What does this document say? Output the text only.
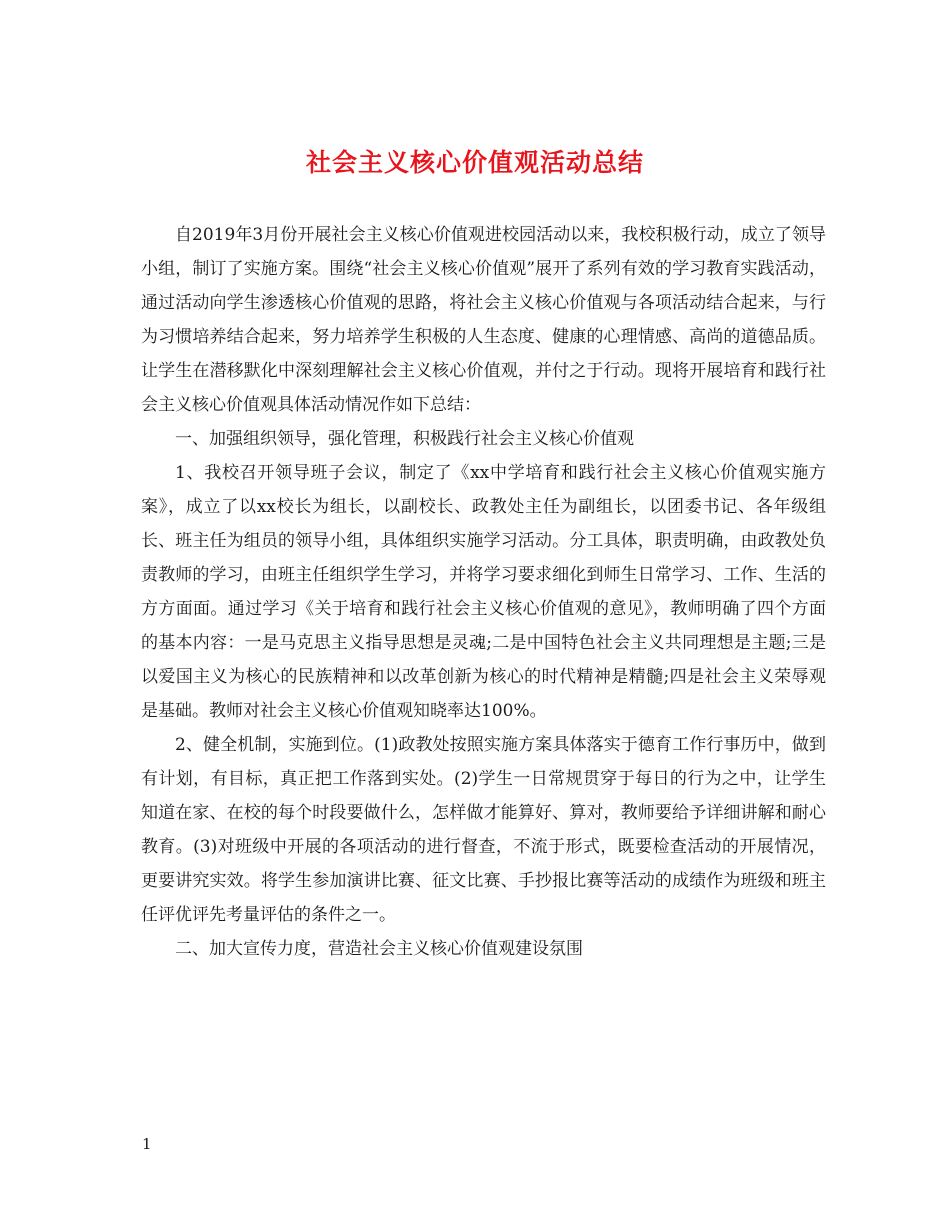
社会主义核心价值观活动总结

自2019年3月份开展社会主义核心价值观进校园活动以来，我校积极行动，成立了领导小组，制订了实施方案。围绕“社会主义核心价值观”展开了系列有效的学习教育实践活动，通过活动向学生渗透核心价值观的思路，将社会主义核心价值观与各项活动结合起来，与行为习惯培养结合起来，努力培养学生积极的人生态度、健康的心理情感、高尚的道德品质。让学生在潜移默化中深刻理解社会主义核心价值观，并付之于行动。现将开展培育和践行社会主义核心价值观具体活动情况作如下总结：

一、加强组织领导，强化管理，积极践行社会主义核心价值观

1、我校召开领导班子会议，制定了《xx中学培育和践行社会主义核心价值观实施方案》，成立了以xx校长为组长，以副校长、政教处主任为副组长，以团委书记、各年级组长、班主任为组员的领导小组，具体组织实施学习活动。分工具体，职责明确，由政教处负责教师的学习，由班主任组织学生学习，并将学习要求细化到师生日常学习、工作、生活的方方面面。通过学习《关于培育和践行社会主义核心价值观的意见》，教师明确了四个方面的基本内容：一是马克思主义指导思想是灵魂;二是中国特色社会主义共同理想是主题;三是以爱国主义为核心的民族精神和以改革创新为核心的时代精神是精髓;四是社会主义荣辱观是基础。教师对社会主义核心价值观知晓率达100%。

2、健全机制，实施到位。(1)政教处按照实施方案具体落实于德育工作行事历中，做到有计划，有目标，真正把工作落到实处。(2)学生一日常规贯穿于每日的行为之中，让学生知道在家、在校的每个时段要做什么，怎样做才能算好、算对，教师要给予详细讲解和耐心教育。(3)对班级中开展的各项活动的进行督查，不流于形式，既要检查活动的开展情况，更要讲究实效。将学生参加演讲比赛、征文比赛、手抄报比赛等活动的成绩作为班级和班主任评优评先考量评估的条件之一。

二、加大宣传力度，营造社会主义核心价值观建设氛围

1
